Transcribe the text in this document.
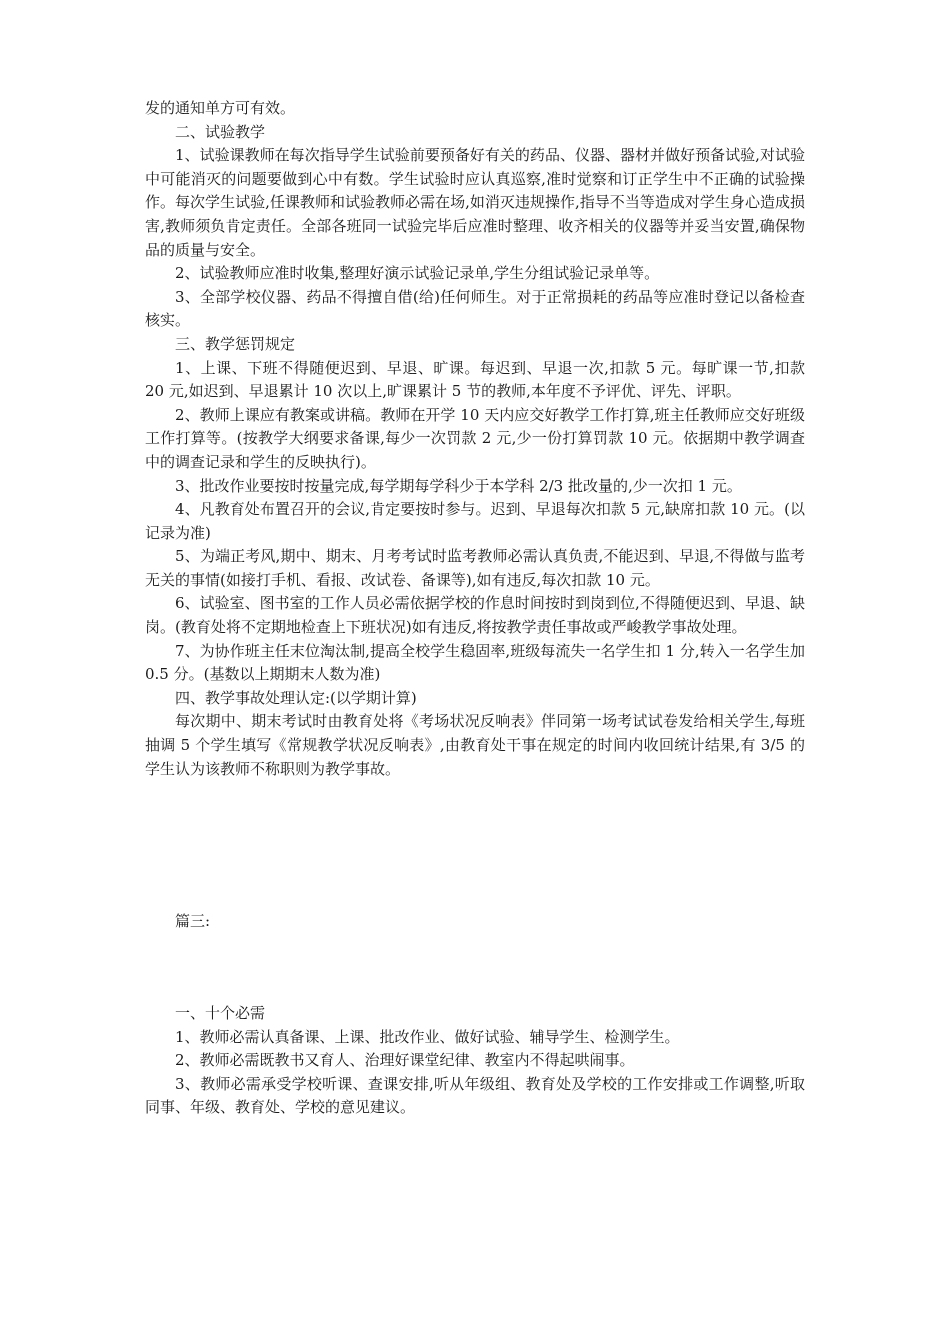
发的通知单方可有效。

二、试验教学

1、试验课教师在每次指导学生试验前要预备好有关的药品、仪器、器材并做好预备试验,对试验中可能消灭的问题要做到心中有数。学生试验时应认真巡察,准时觉察和订正学生中不正确的试验操作。每次学生试验,任课教师和试验教师必需在场,如消灭违规操作,指导不当等造成对学生身心造成损害,教师须负肯定责任。全部各班同一试验完毕后应准时整理、收齐相关的仪器等并妥当安置,确保物品的质量与安全。

2、试验教师应准时收集,整理好演示试验记录单,学生分组试验记录单等。

3、全部学校仪器、药品不得擅自借(给)任何师生。对于正常损耗的药品等应准时登记以备检查核实。

三、教学惩罚规定

1、上课、下班不得随便迟到、早退、旷课。每迟到、早退一次,扣款 5 元。每旷课一节,扣款 20 元,如迟到、早退累计 10 次以上,旷课累计 5 节的教师,本年度不予评优、评先、评职。

2、教师上课应有教案或讲稿。教师在开学 10 天内应交好教学工作打算,班主任教师应交好班级工作打算等。(按教学大纲要求备课,每少一次罚款 2 元,少一份打算罚款 10 元。依据期中教学调查中的调查记录和学生的反映执行)。

3、批改作业要按时按量完成,每学期每学科少于本学科 2/3 批改量的,少一次扣 1 元。

4、凡教育处布置召开的会议,肯定要按时参与。迟到、早退每次扣款 5 元,缺席扣款 10 元。(以记录为准)

5、为端正考风,期中、期末、月考考试时监考教师必需认真负责,不能迟到、早退,不得做与监考无关的事情(如接打手机、看报、改试卷、备课等),如有违反,每次扣款 10 元。

6、试验室、图书室的工作人员必需依据学校的作息时间按时到岗到位,不得随便迟到、早退、缺岗。(教育处将不定期地检查上下班状况)如有违反,将按教学责任事故或严峻教学事故处理。

7、为协作班主任末位淘汰制,提高全校学生稳固率,班级每流失一名学生扣 1 分,转入一名学生加 0.5 分。(基数以上期期末人数为准)

四、教学事故处理认定:(以学期计算)

每次期中、期末考试时由教育处将《考场状况反响表》伴同第一场考试试卷发给相关学生,每班抽调 5 个学生填写《常规教学状况反响表》,由教育处干事在规定的时间内收回统计结果,有 3/5 的学生认为该教师不称职则为教学事故。

篇三:

一、十个必需

1、教师必需认真备课、上课、批改作业、做好试验、辅导学生、检测学生。

2、教师必需既教书又育人、治理好课堂纪律、教室内不得起哄闹事。

3、教师必需承受学校听课、查课安排,听从年级组、教育处及学校的工作安排或工作调整,听取同事、年级、教育处、学校的意见建议。
